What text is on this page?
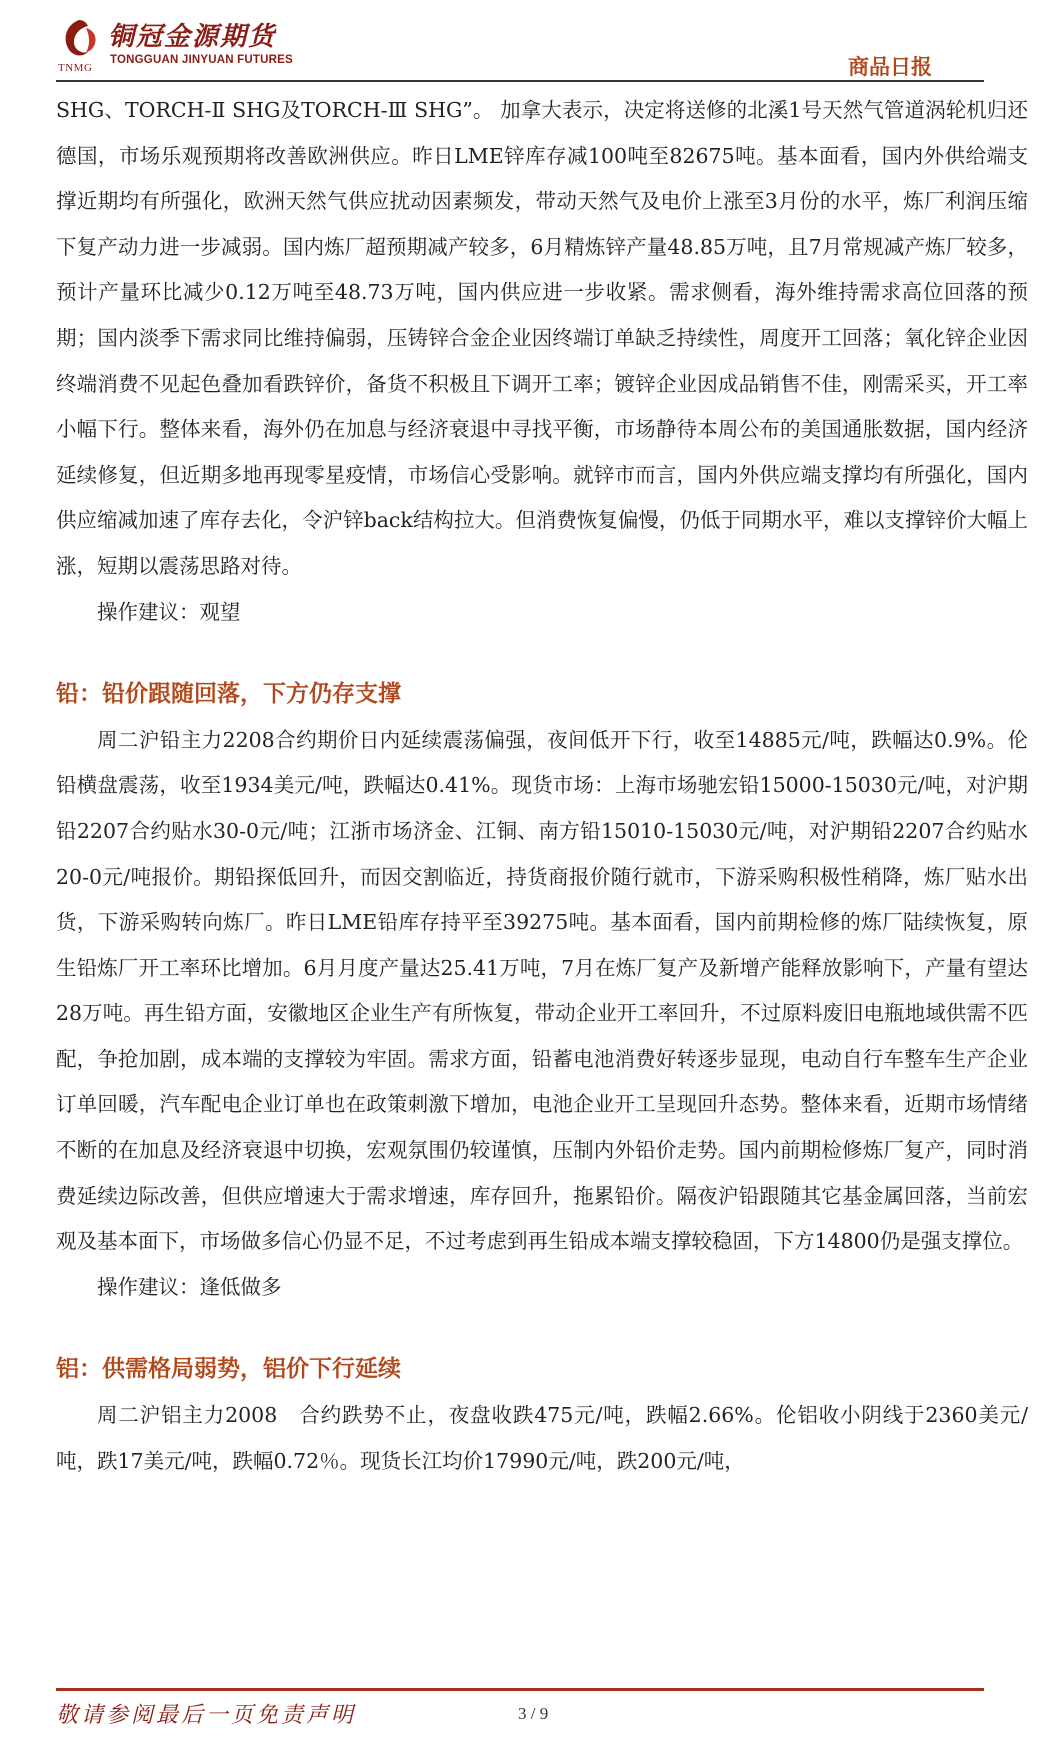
TNMG
铜冠金源期货
TONGGUAN JINYUAN FUTURES	商品日报

SHG、TORCH-Ⅱ SHG及TORCH-Ⅲ SHG”。 加拿大表示，决定将送修的北溪1号天然气管道涡轮机归还德国，市场乐观预期将改善欧洲供应。昨日LME锌库存减100吨至82675吨。基本面看，国内外供给端支撑近期均有所强化，欧洲天然气供应扰动因素频发，带动天然气及电价上涨至3月份的水平，炼厂利润压缩下复产动力进一步减弱。国内炼厂超预期减产较多，6月精炼锌产量48.85万吨，且7月常规减产炼厂较多，预计产量环比减少0.12万吨至48.73万吨，国内供应进一步收紧。需求侧看，海外维持需求高位回落的预期；国内淡季下需求同比维持偏弱，压铸锌合金企业因终端订单缺乏持续性，周度开工回落；氧化锌企业因终端消费不见起色叠加看跌锌价，备货不积极且下调开工率；镀锌企业因成品销售不佳，刚需采买，开工率小幅下行。整体来看，海外仍在加息与经济衰退中寻找平衡，市场静待本周公布的美国通胀数据，国内经济延续修复，但近期多地再现零星疫情，市场信心受影响。就锌市而言，国内外供应端支撑均有所强化，国内供应缩减加速了库存去化，令沪锌back结构拉大。但消费恢复偏慢，仍低于同期水平，难以支撑锌价大幅上涨，短期以震荡思路对待。

操作建议：观望

铅：铅价跟随回落，下方仍存支撑

周二沪铅主力2208合约期价日内延续震荡偏强，夜间低开下行，收至14885元/吨，跌幅达0.9%。伦铅横盘震荡，收至1934美元/吨，跌幅达0.41%。现货市场：上海市场驰宏铅15000-15030元/吨，对沪期铅2207合约贴水30-0元/吨；江浙市场济金、江铜、南方铅15010-15030元/吨，对沪期铅2207合约贴水20-0元/吨报价。期铅探低回升，而因交割临近，持货商报价随行就市，下游采购积极性稍降，炼厂贴水出货，下游采购转向炼厂。昨日LME铅库存持平至39275吨。基本面看，国内前期检修的炼厂陆续恢复，原生铅炼厂开工率环比增加。6月月度产量达25.41万吨，7月在炼厂复产及新增产能释放影响下，产量有望达28万吨。再生铅方面，安徽地区企业生产有所恢复，带动企业开工率回升，不过原料废旧电瓶地域供需不匹配，争抢加剧，成本端的支撑较为牢固。需求方面，铅蓄电池消费好转逐步显现，电动自行车整车生产企业订单回暖，汽车配电企业订单也在政策刺激下增加，电池企业开工呈现回升态势。整体来看，近期市场情绪不断的在加息及经济衰退中切换，宏观氛围仍较谨慎，压制内外铅价走势。国内前期检修炼厂复产，同时消费延续边际改善，但供应增速大于需求增速，库存回升，拖累铅价。隔夜沪铅跟随其它基金属回落，当前宏观及基本面下，市场做多信心仍显不足，不过考虑到再生铅成本端支撑较稳固，下方14800仍是强支撑位。

操作建议：逢低做多

铝：供需格局弱势，铝价下行延续

周二沪铝主力2008　合约跌势不止，夜盘收跌475元/吨，跌幅2.66%。伦铝收小阴线于2360美元/吨，跌17美元/吨，跌幅0.72％。现货长江均价17990元/吨，跌200元/吨，

敬请参阅最后一页免责声明	3 / 9
